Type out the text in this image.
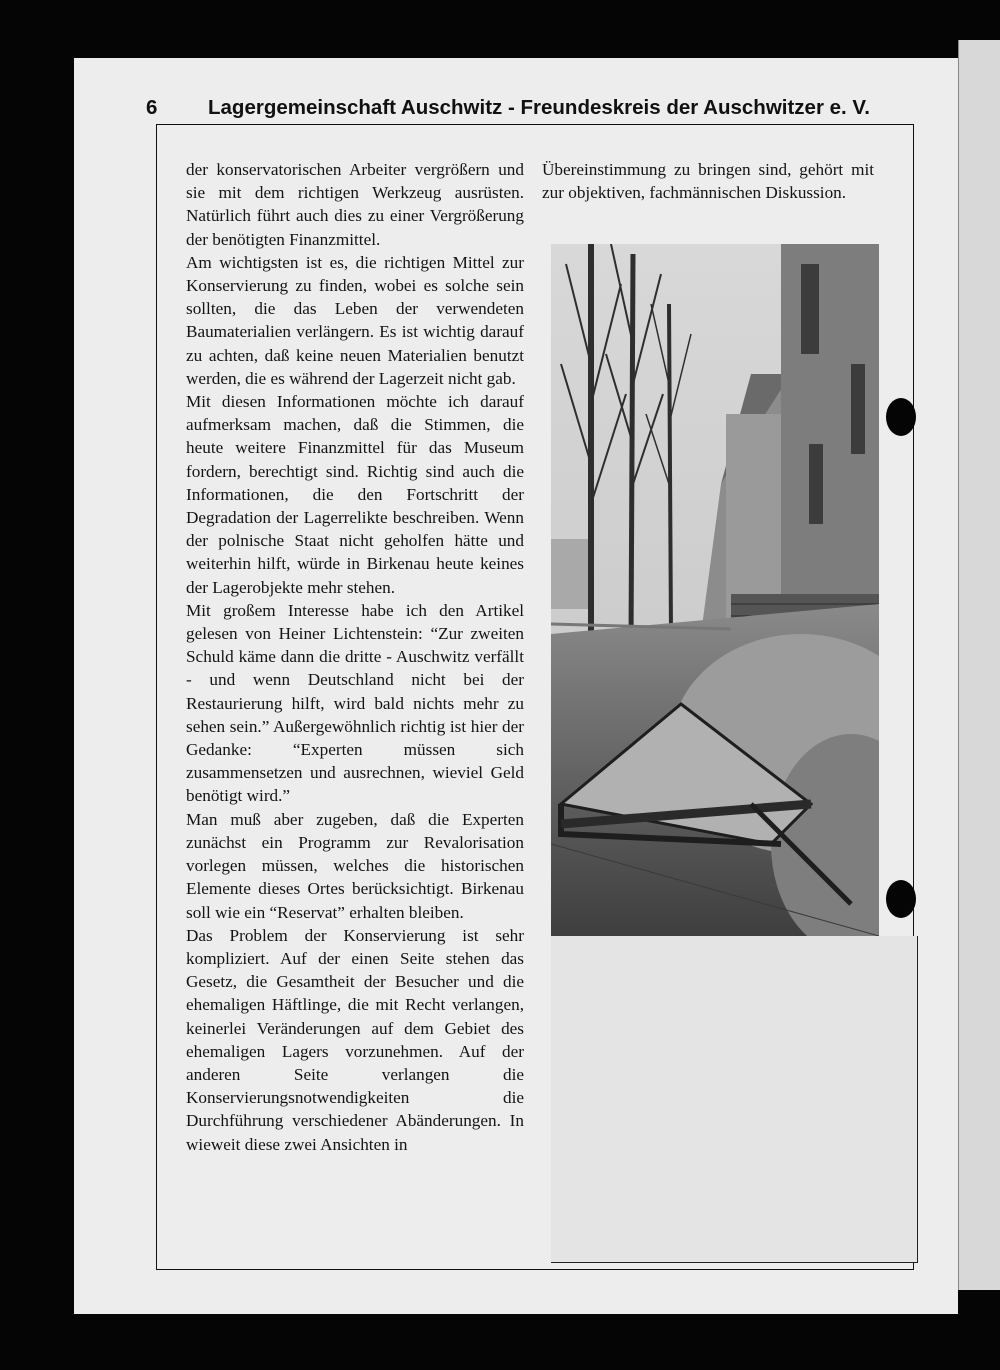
6 Lagergemeinschaft Auschwitz - Freundeskreis der Auschwitzer e. V.

der konservatorischen Arbeiter vergrößern und sie mit dem richtigen Werkzeug ausrüsten. Natürlich führt auch dies zu einer Vergrößerung der benötigten Finanzmittel.

Am wichtigsten ist es, die richtigen Mittel zur Konservierung zu finden, wobei es solche sein sollten, die das Leben der verwendeten Baumaterialien verlängern. Es ist wichtig darauf zu achten, daß keine neuen Materialien benutzt werden, die es während der Lagerzeit nicht gab.

Mit diesen Informationen möchte ich darauf aufmerksam machen, daß die Stimmen, die heute weitere Finanzmittel für das Museum fordern, berechtigt sind. Richtig sind auch die Informationen, die den Fortschritt der Degradation der Lagerrelikte beschreiben. Wenn der polnische Staat nicht geholfen hätte und weiterhin hilft, würde in Birkenau heute keines der Lagerobjekte mehr stehen.

Mit großem Interesse habe ich den Artikel gelesen von Heiner Lichtenstein: “Zur zweiten Schuld käme dann die dritte - Auschwitz verfällt - und wenn Deutschland nicht bei der Restaurierung hilft, wird bald nichts mehr zu sehen sein.” Außergewöhnlich richtig ist hier der Gedanke: “Experten müssen sich zusammensetzen und ausrechnen, wieviel Geld benötigt wird.”

Man muß aber zugeben, daß die Experten zunächst ein Programm zur Revalorisation vorlegen müssen, welches die historischen Elemente dieses Ortes berücksichtigt. Birkenau soll wie ein “Reservat” erhalten bleiben.

Das Problem der Konservierung ist sehr kompliziert. Auf der einen Seite stehen das Gesetz, die Gesamtheit der Besucher und die ehemaligen Häftlinge, die mit Recht verlangen, keinerlei Veränderungen auf dem Gebiet des ehemaligen Lagers vorzunehmen. Auf der anderen Seite verlangen die Konservierungsnotwendigkeiten die Durchführung verschiedener Abänderungen. In wieweit diese zwei Ansichten in

Übereinstimmung zu bringen sind, gehört mit zur objektiven, fachmännischen Diskussion.
